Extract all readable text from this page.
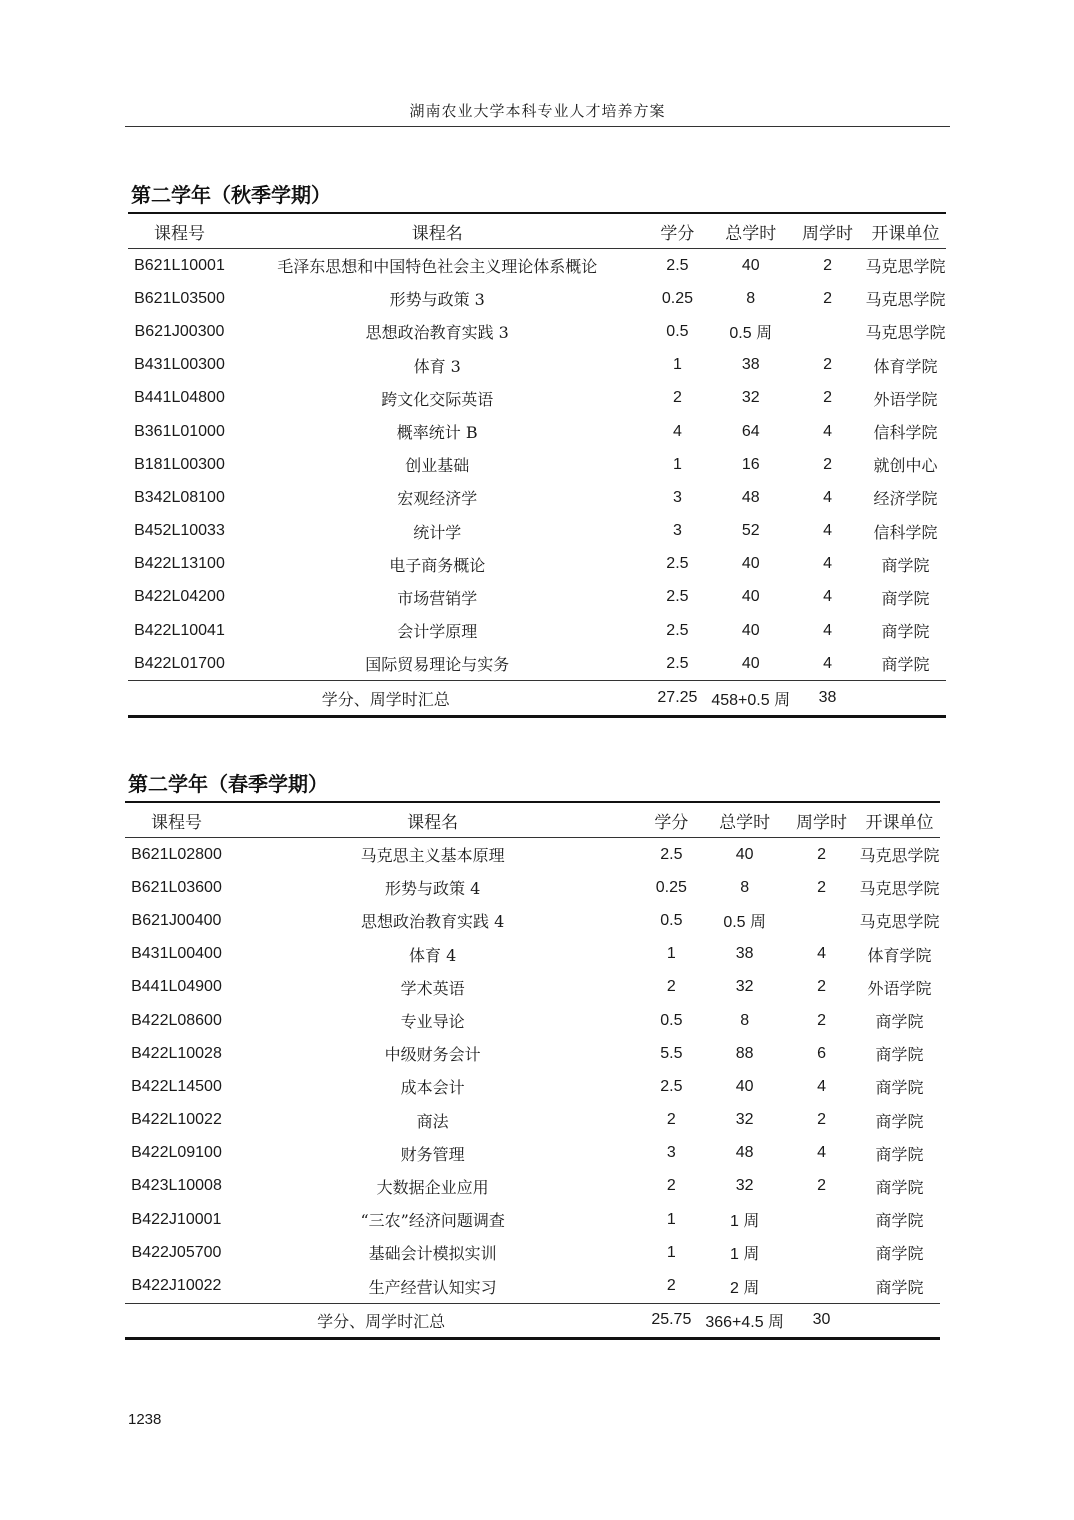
湖南农业大学本科专业人才培养方案
第二学年（秋季学期）
课程号	课程名	学分	总学时	周学时	开课单位
B621L10001	毛泽东思想和中国特色社会主义理论体系概论	2.5	40	2	马克思学院
B621L03500	形势与政策 3	0.25	8	2	马克思学院
B621J00300	思想政治教育实践 3	0.5	0.5 周		马克思学院
B431L00300	体育 3	1	38	2	体育学院
B441L04800	跨文化交际英语	2	32	2	外语学院
B361L01000	概率统计 B	4	64	4	信科学院
B181L00300	创业基础	1	16	2	就创中心
B342L08100	宏观经济学	3	48	4	经济学院
B452L10033	统计学	3	52	4	信科学院
B422L13100	电子商务概论	2.5	40	4	商学院
B422L04200	市场营销学	2.5	40	4	商学院
B422L10041	会计学原理	2.5	40	4	商学院
B422L01700	国际贸易理论与实务	2.5	40	4	商学院
学分、周学时汇总		27.25	458+0.5 周	38	
第二学年（春季学期）
课程号	课程名	学分	总学时	周学时	开课单位
B621L02800	马克思主义基本原理	2.5	40	2	马克思学院
B621L03600	形势与政策 4	0.25	8	2	马克思学院
B621J00400	思想政治教育实践 4	0.5	0.5 周		马克思学院
B431L00400	体育 4	1	38	4	体育学院
B441L04900	学术英语	2	32	2	外语学院
B422L08600	专业导论	0.5	8	2	商学院
B422L10028	中级财务会计	5.5	88	6	商学院
B422L14500	成本会计	2.5	40	4	商学院
B422L10022	商法	2	32	2	商学院
B422L09100	财务管理	3	48	4	商学院
B423L10008	大数据企业应用	2	32	2	商学院
B422J10001	“三农”经济问题调查	1	1 周		商学院
B422J05700	基础会计模拟实训	1	1 周		商学院
B422J10022	生产经营认知实习	2	2 周		商学院
学分、周学时汇总		25.75	366+4.5 周	30	
1238
